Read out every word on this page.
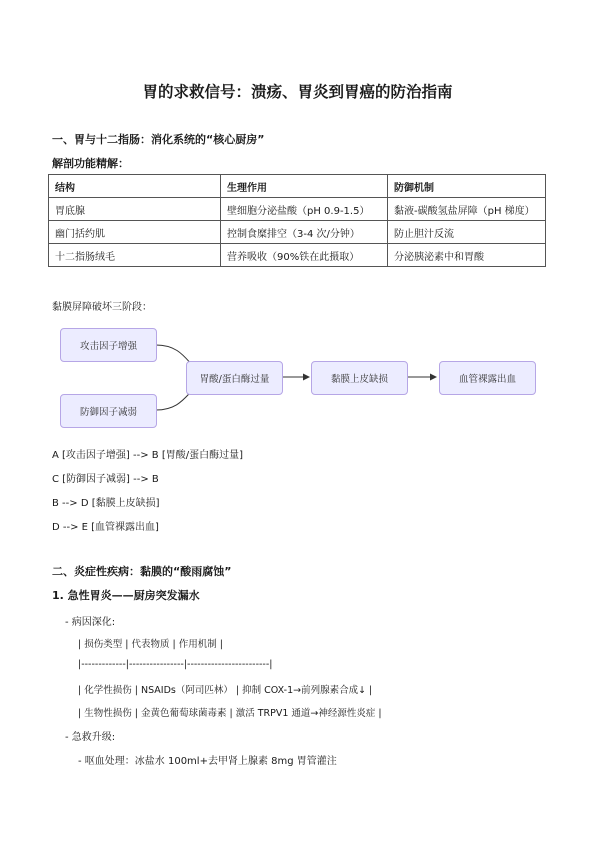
胃的求救信号：溃疡、胃炎到胃癌的防治指南
一、胃与十二指肠：消化系统的“核心厨房”
解剖功能精解：
结构	生理作用	防御机制
胃底腺	壁细胞分泌盐酸（pH 0.9-1.5）	黏液-碳酸氢盐屏障（pH 梯度）
幽门括约肌	控制食糜排空（3-4 次/分钟）	防止胆汁反流
十二指肠绒毛	营养吸收（90%铁在此摄取）	分泌胰泌素中和胃酸
黏膜屏障破坏三阶段：
攻击因子增强
防御因子减弱
胃酸/蛋白酶过量	黏膜上皮缺损	血管裸露出血
A [攻击因子增强] --> B [胃酸/蛋白酶过量]
C [防御因子减弱] --> B
B --> D [黏膜上皮缺损]
D --> E [血管裸露出血]
二、炎症性疾病：黏膜的“酸雨腐蚀”
1. 急性胃炎——厨房突发漏水
- 病因深化:
| 损伤类型 | 代表物质 | 作用机制 |
|-------------|----------------|------------------------|
| 化学性损伤 | NSAIDs（阿司匹林） | 抑制 COX-1→前列腺素合成↓ |
| 生物性损伤 | 金黄色葡萄球菌毒素 | 激活 TRPV1 通道→神经源性炎症 |
- 急救升级:
- 呕血处理：冰盐水 100ml+去甲肾上腺素 8mg 胃管灌注
